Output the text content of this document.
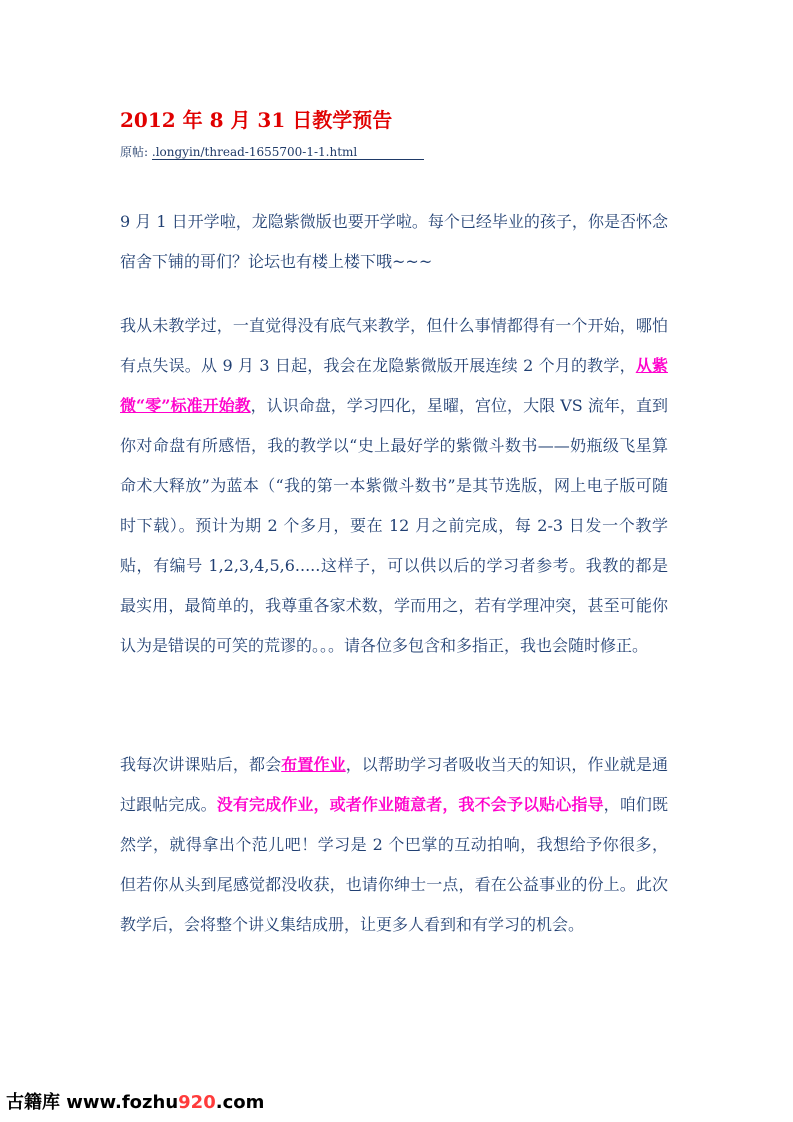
2012 年 8 月 31 日教学预告
原帖: .longyin/thread-1655700-1-1.html

9 月 1 日开学啦，龙隐紫微版也要开学啦。每个已经毕业的孩子，你是否怀念宿舍下铺的哥们？论坛也有楼上楼下哦~~~

我从未教学过，一直觉得没有底气来教学，但什么事情都得有一个开始，哪怕有点失误。从 9 月 3 日起，我会在龙隐紫微版开展连续 2 个月的教学，从紫微“零”标准开始教，认识命盘，学习四化，星曜，宫位，大限 VS 流年，直到你对命盘有所感悟，我的教学以“史上最好学的紫微斗数书——奶瓶级飞星算命术大释放”为蓝本（“我的第一本紫微斗数书”是其节选版，网上电子版可随时下载）。预计为期 2 个多月，要在 12 月之前完成，每 2-3 日发一个教学贴，有编号 1,2,3,4,5,6.....这样子，可以供以后的学习者参考。我教的都是最实用，最简单的，我尊重各家术数，学而用之，若有学理冲突，甚至可能你认为是错误的可笑的荒谬的。。。请各位多包含和多指正，我也会随时修正。

我每次讲课贴后，都会布置作业，以帮助学习者吸收当天的知识，作业就是通过跟帖完成。没有完成作业，或者作业随意者，我不会予以贴心指导，咱们既然学，就得拿出个范儿吧！学习是 2 个巴掌的互动拍响，我想给予你很多，但若你从头到尾感觉都没收获，也请你绅士一点，看在公益事业的份上。此次教学后，会将整个讲义集结成册，让更多人看到和有学习的机会。

古籍库 www.fozhu920.com
